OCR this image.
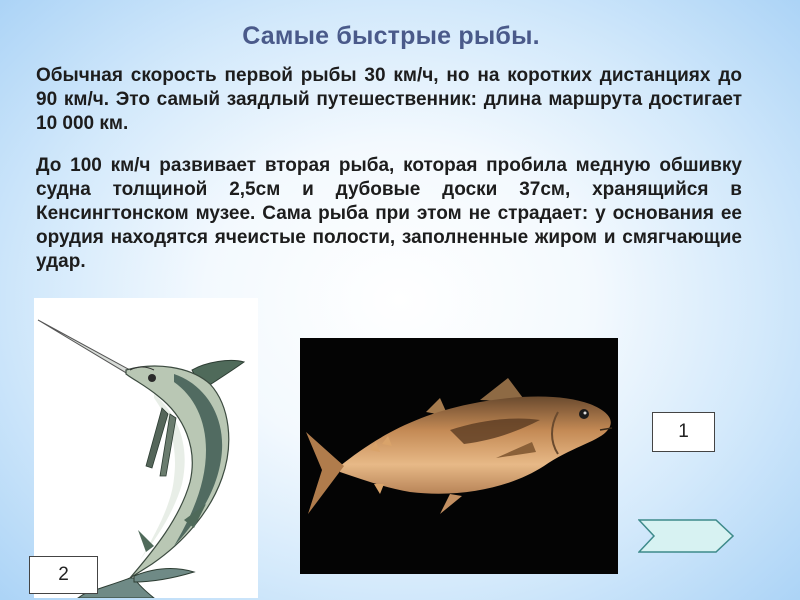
Самые быстрые рыбы.

Обычная скорость первой рыбы 30 км/ч, но на коротких дистанциях до 90 км/ч. Это самый заядлый путешественник: длина маршрута достигает 10 000 км.

До 100 км/ч развивает вторая рыба, которая пробила медную обшивку судна толщиной 2,5см и дубовые доски 37см, хранящийся в Кенсингтонском музее. Сама рыба при этом не страдает: у основания ее орудия находятся ячеистые полости, заполненные жиром и смягчающие удар.

1
2
